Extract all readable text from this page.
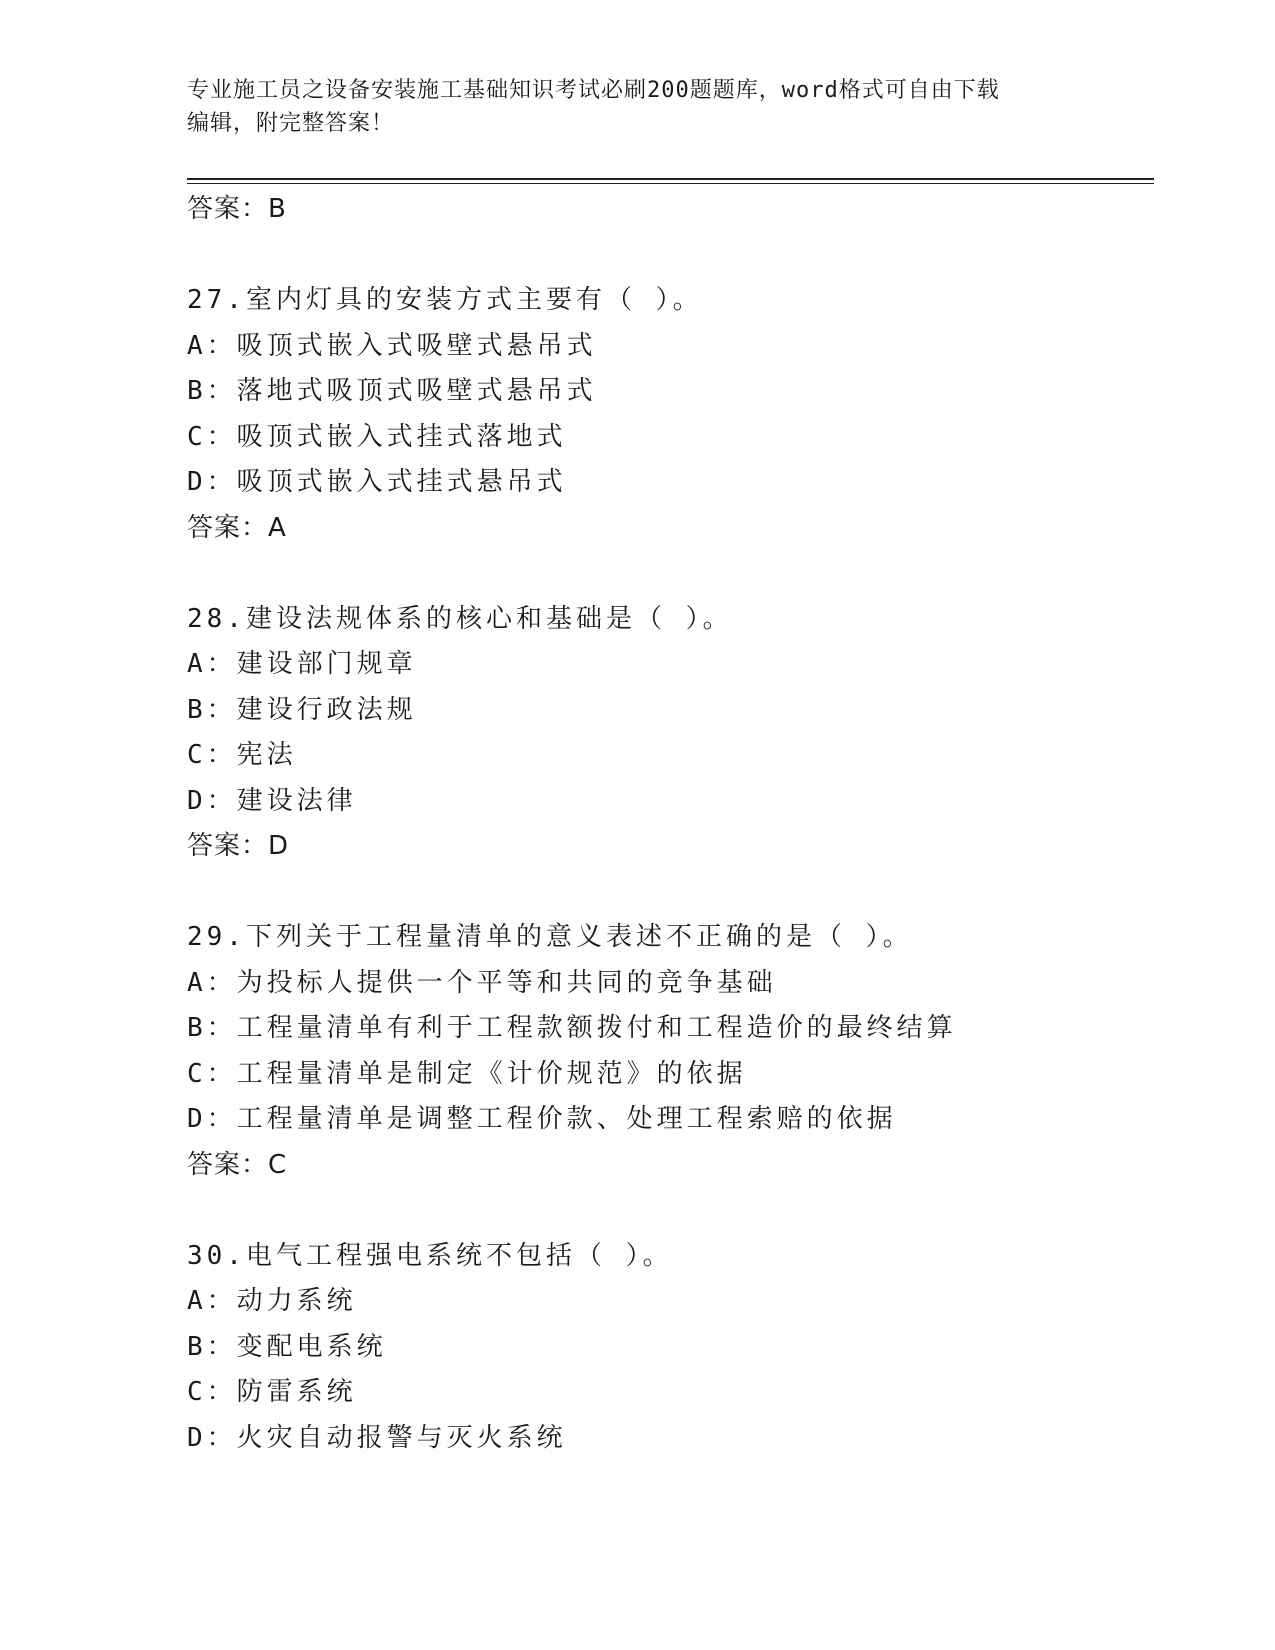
专业施工员之设备安装施工基础知识考试必刷200题题库，word格式可自由下载
编辑，附完整答案！
答案：B
27.室内灯具的安装方式主要有（ ）。
A：吸顶式嵌入式吸壁式悬吊式
B：落地式吸顶式吸壁式悬吊式
C：吸顶式嵌入式挂式落地式
D：吸顶式嵌入式挂式悬吊式
答案：A
28.建设法规体系的核心和基础是（ ）。
A：建设部门规章
B：建设行政法规
C：宪法
D：建设法律
答案：D
29.下列关于工程量清单的意义表述不正确的是（ ）。
A：为投标人提供一个平等和共同的竞争基础
B：工程量清单有利于工程款额拨付和工程造价的最终结算
C：工程量清单是制定《计价规范》的依据
D：工程量清单是调整工程价款、处理工程索赔的依据
答案：C
30.电气工程强电系统不包括（ ）。
A：动力系统
B：变配电系统
C：防雷系统
D：火灾自动报警与灭火系统
